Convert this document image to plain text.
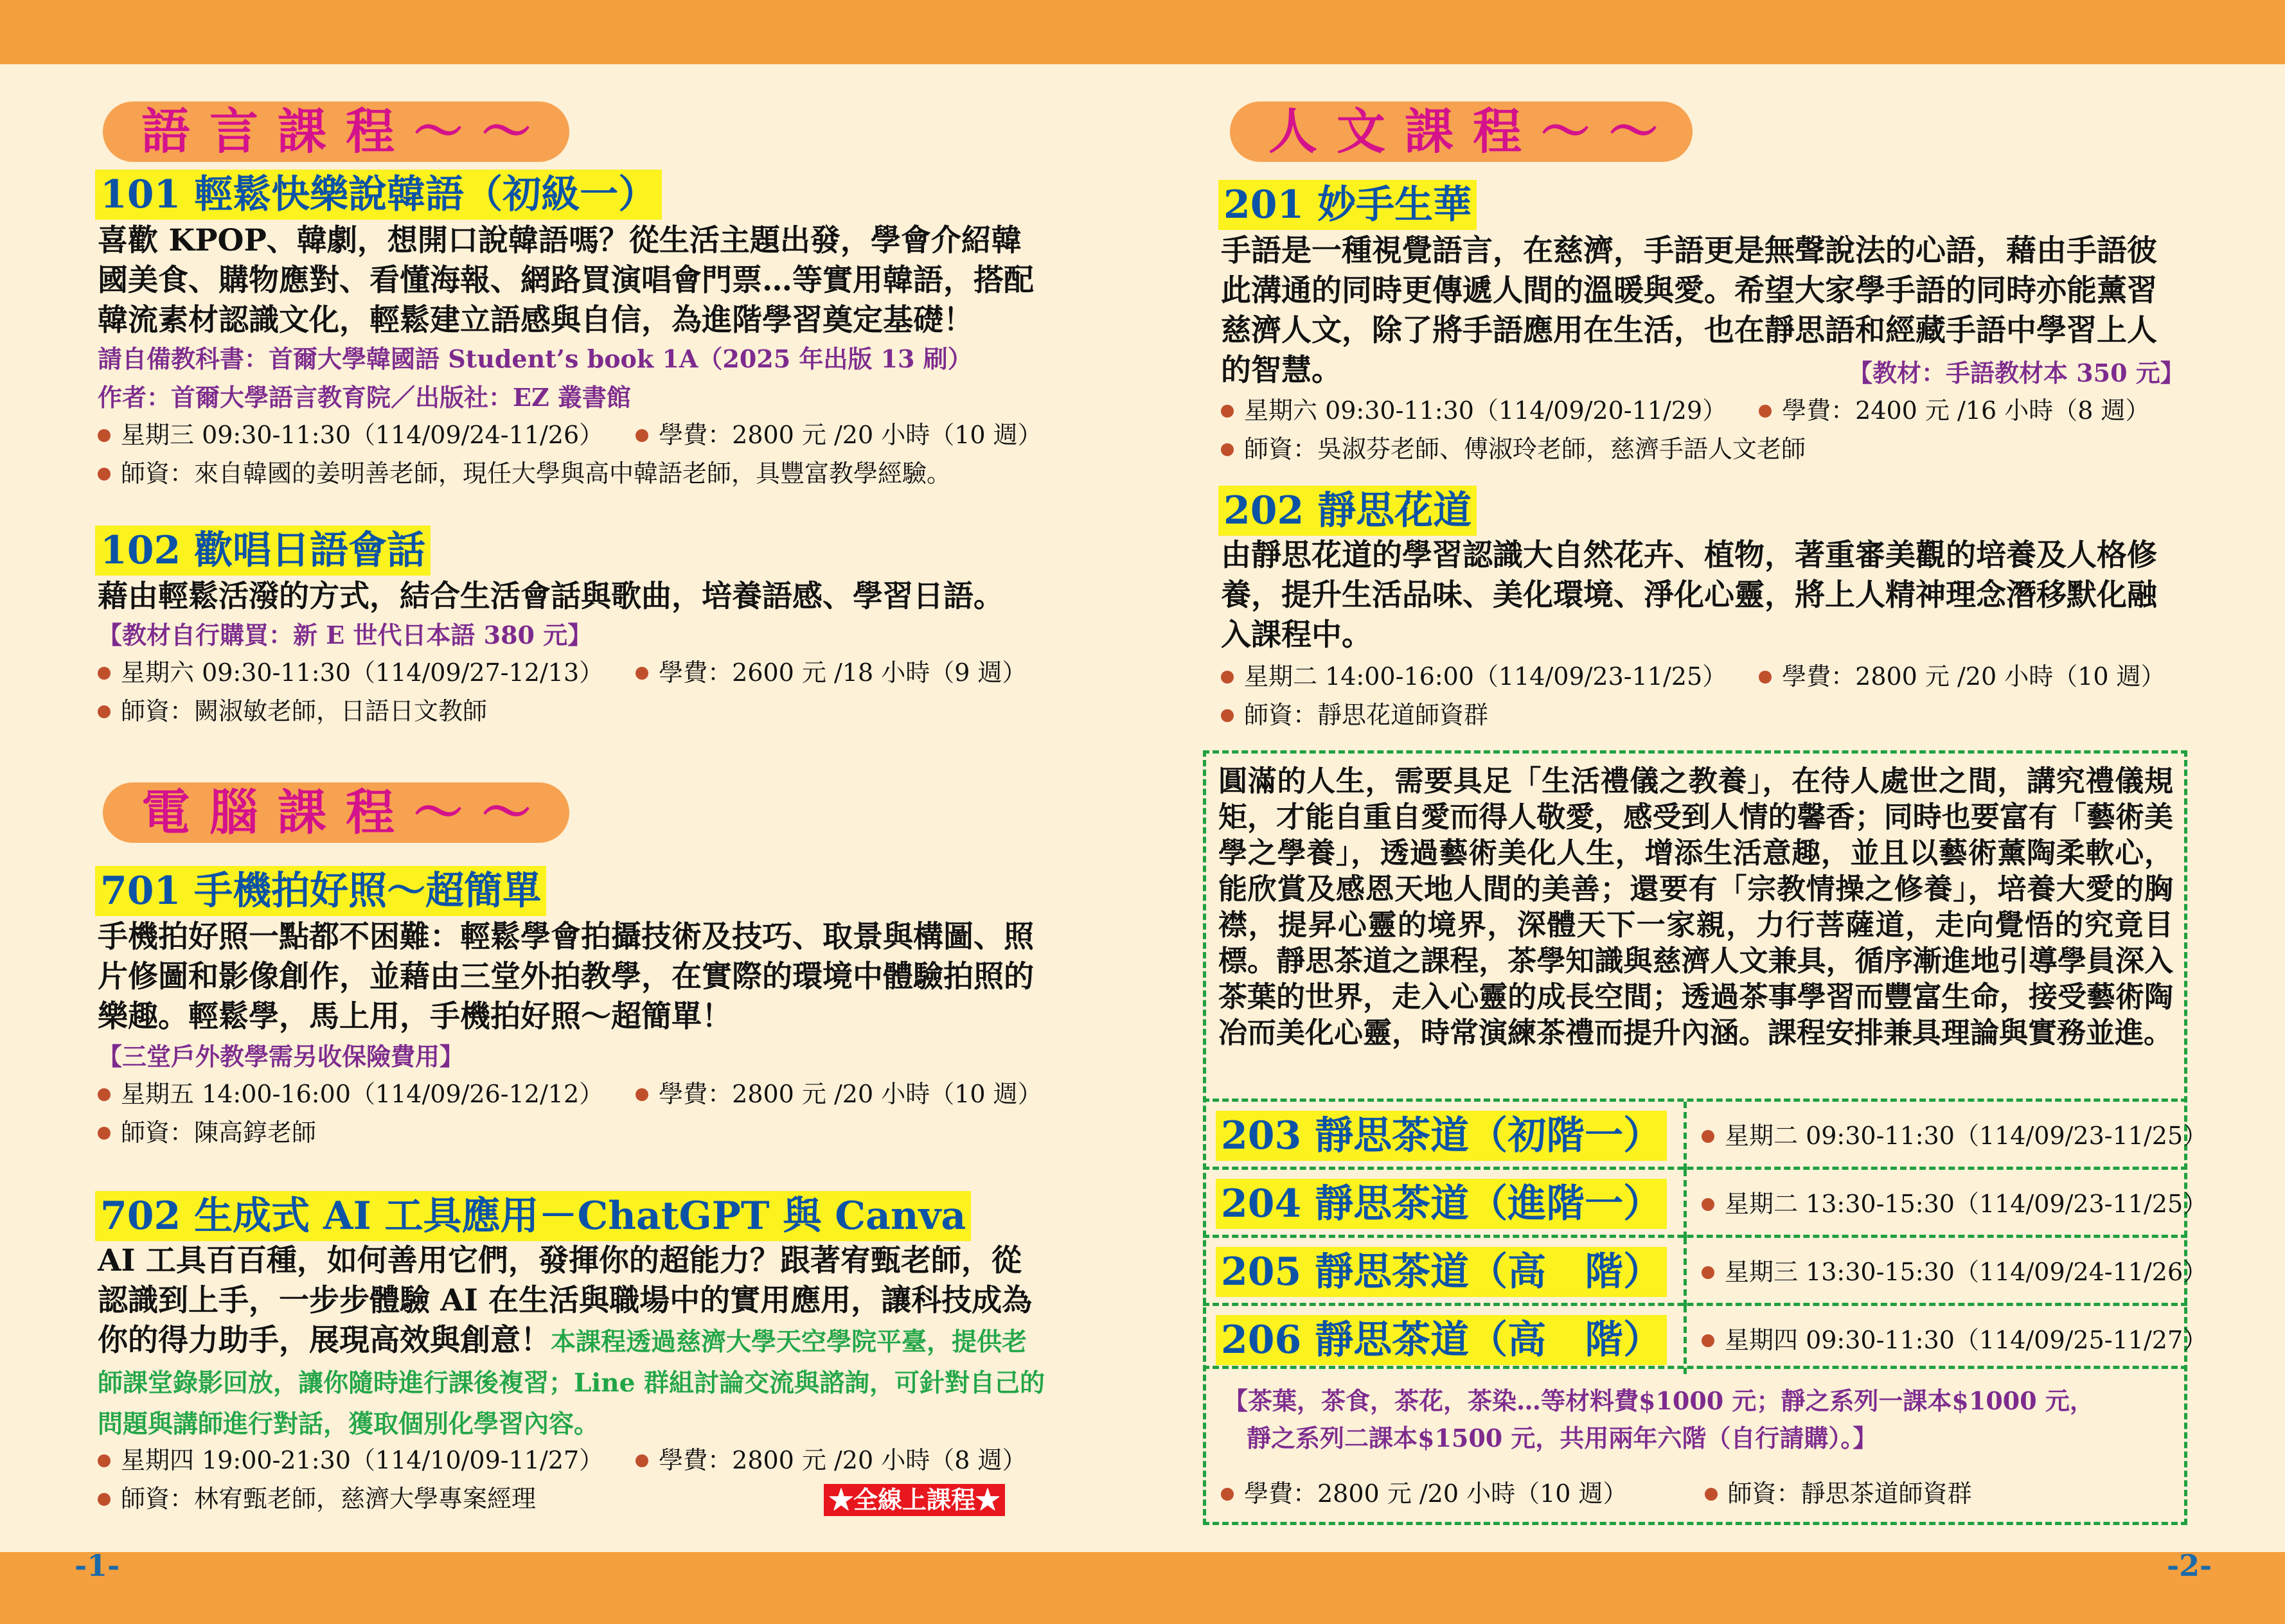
-1-	-2-
語言課程～～
101 輕鬆快樂說韓語（初級一）

喜歡 KPOP、韓劇，想開口說韓語嗎？從生活主題出發，學會介紹韓國美食、購物應對、看懂海報、網路買演唱會門票…等實用韓語，搭配韓流素材認識文化，輕鬆建立語感與自信，為進階學習奠定基礎！

請自備教科書：首爾大學韓國語 Student’s book 1A（2025 年出版 13 刷）
作者：首爾大學語言教育院／出版社：EZ 叢書館
星期三 09:30-11:30（114/09/24-11/26） 學費：2800 元 /20 小時（10 週）
師資：來自韓國的姜明善老師，現任大學與高中韓語老師，具豐富教學經驗。
102 歡唱日語會話

藉由輕鬆活潑的方式，結合生活會話與歌曲，培養語感、學習日語。

【教材自行購買：新 E 世代日本語 380 元】
星期六 09:30-11:30（114/09/27-12/13） 學費：2600 元 /18 小時（9 週）
師資：闕淑敏老師，日語日文教師
電腦課程～～
701 手機拍好照～超簡單

手機拍好照一點都不困難：輕鬆學會拍攝技術及技巧、取景與構圖、照片修圖和影像創作，並藉由三堂外拍教學，在實際的環境中體驗拍照的樂趣。輕鬆學，馬上用，手機拍好照～超簡單！

【三堂戶外教學需另收保險費用】
星期五 14:00-16:00（114/09/26-12/12） 學費：2800 元 /20 小時（10 週）
師資：陳高錞老師
702 生成式 AI 工具應用－ChatGPT 與 Canva

AI 工具百百種，如何善用它們，發揮你的超能力？跟著宥甄老師，從認識到上手，一步步體驗 AI 在生活與職場中的實用應用，讓科技成為你的得力助手，展現高效與創意！本課程透過慈濟大學天空學院平臺，提供老師課堂錄影回放，讓你隨時進行課後複習；Line 群組討論交流與諮詢，可針對自己的問題與講師進行對話，獲取個別化學習內容。

星期四 19:00-21:30（114/10/09-11/27） 學費：2800 元 /20 小時（8 週）
師資：林宥甄老師，慈濟大學專案經理	★全線上課程★
人文課程～～
201 妙手生華

手語是一種視覺語言，在慈濟，手語更是無聲說法的心語，藉由手語彼此溝通的同時更傳遞人間的溫暖與愛。希望大家學手語的同時亦能薰習慈濟人文，除了將手語應用在生活，也在靜思語和經藏手語中學習上人的智慧。	【教材：手語教材本 350 元】
星期六 09:30-11:30（114/09/20-11/29） 學費：2400 元 /16 小時（8 週）
師資：吳淑芬老師、傅淑玲老師，慈濟手語人文老師
202 靜思花道

由靜思花道的學習認識大自然花卉、植物，著重審美觀的培養及人格修養，提升生活品味、美化環境、淨化心靈，將上人精神理念潛移默化融入課程中。

星期二 14:00-16:00（114/09/23-11/25） 學費：2800 元 /20 小時（10 週）
師資：靜思花道師資群

圓滿的人生，需要具足「生活禮儀之教養」，在待人處世之間，講究禮儀規矩，才能自重自愛而得人敬愛，感受到人情的馨香；同時也要富有「藝術美學之學養」，透過藝術美化人生，增添生活意趣，並且以藝術薰陶柔軟心，能欣賞及感恩天地人間的美善；還要有「宗教情操之修養」，培養大愛的胸襟，提昇心靈的境界，深體天下一家親，力行菩薩道，走向覺悟的究竟目標。靜思茶道之課程，茶學知識與慈濟人文兼具，循序漸進地引導學員深入茶葉的世界，走入心靈的成長空間；透過茶事學習而豐富生命，接受藝術陶冶而美化心靈，時常演練茶禮而提升內涵。課程安排兼具理論與實務並進。

203 靜思茶道（初階一）	星期二 09:30-11:30（114/09/23-11/25）
204 靜思茶道（進階一）	星期二 13:30-15:30（114/09/23-11/25）
205 靜思茶道（高　階）	星期三 13:30-15:30（114/09/24-11/26）
206 靜思茶道（高　階）	星期四 09:30-11:30（114/09/25-11/27）
【茶葉，茶食，茶花，茶染…等材料費$1000 元；靜之系列一課本$1000 元，
靜之系列二課本$1500 元，共用兩年六階（自行請購）。】
學費：2800 元 /20 小時（10 週）	師資：靜思茶道師資群
